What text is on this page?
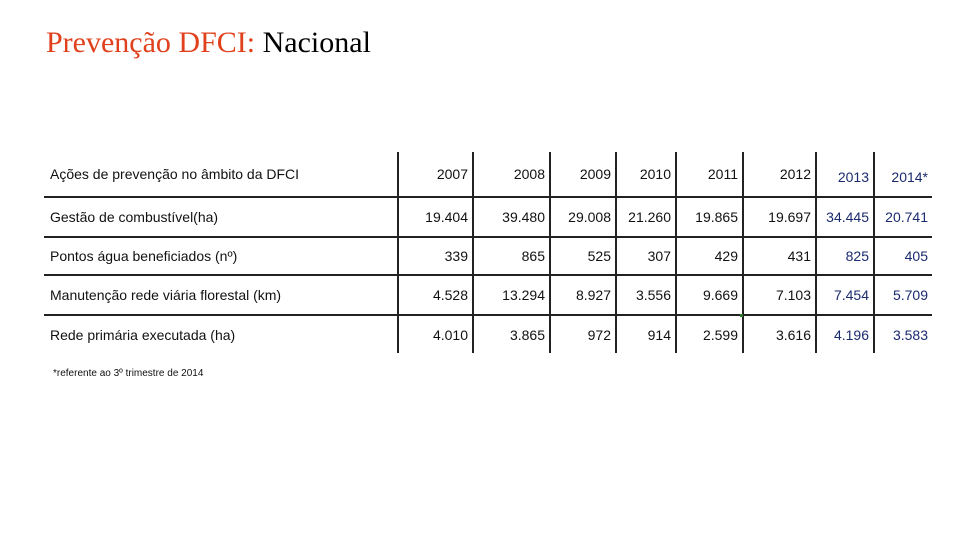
Prevenção DFCI: Nacional
Ações de prevenção no âmbito da DFCI	2007	2008	2009	2010	2011	2012	2013	2014*
Gestão de combustível(ha)	19.404	39.480	29.008	21.260	19.865	19.697	34.445	20.741
Pontos água beneficiados (nº)	339	865	525	307	429	431	825	405
Manutenção rede viária florestal (km)	4.528	13.294	8.927	3.556	9.669	7.103	7.454	5.709
Rede primária executada (ha)	4.010	3.865	972	914	2.599	3.616	4.196	3.583
*referente ao 3º trimestre de 2014
